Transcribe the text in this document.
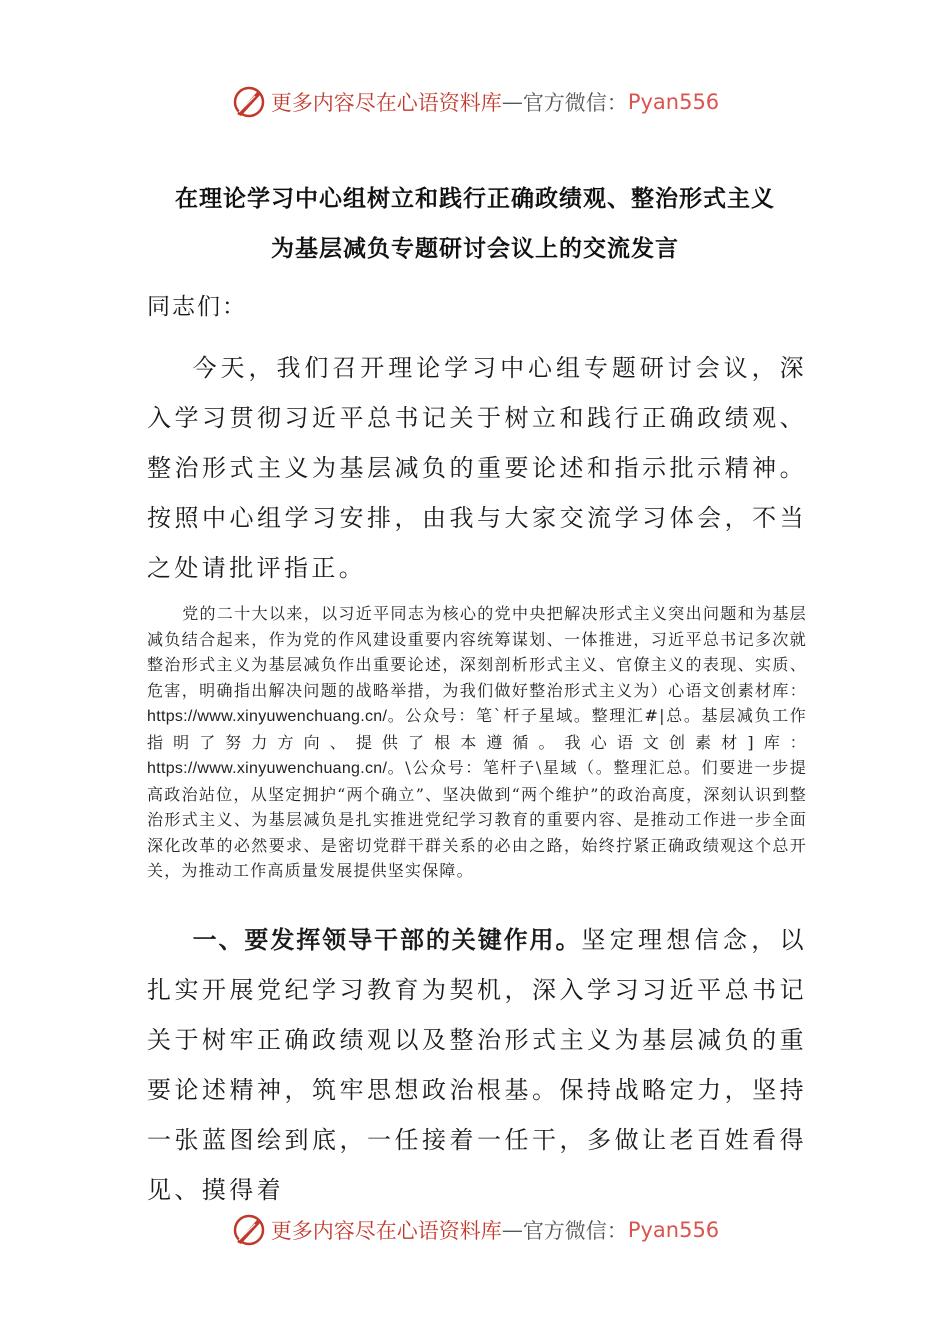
更多内容尽在心语资料库 — 官方微信： Pyan556
在理论学习中心组树立和践行正确政绩观、整治形式主义
为基层减负专题研讨会议上的交流发言
同志们：

今天，我们召开理论学习中心组专题研讨会议，深入学习贯彻习近平总书记关于树立和践行正确政绩观、整治形式主义为基层减负的重要论述和指示批示精神。按照中心组学习安排，由我与大家交流学习体会，不当之处请批评指正。

党的二十大以来，以习近平同志为核心的党中央把解决形式主义突出问题和为基层减负结合起来，作为党的作风建设重要内容统筹谋划、一体推进，习近平总书记多次就整治形式主义为基层减负作出重要论述，深刻剖析形式主义、官僚主义的表现、实质、危害，明确指出解决问题的战略举措，为我们做好整治形式主义为）心语文创素材库：https://www.xinyuwenchuang.cn/。公众号：笔`杆子星域。整理汇#|总。基层减负工作指明了努力方向、提供了根本遵循。我心语文创素材]库：https://www.xinyuwenchuang.cn/。\公众号：笔杆子\星域（。整理汇总。们要进一步提高政治站位，从坚定拥护“两个确立”、坚决做到“两个维护”的政治高度，深刻认识到整治形式主义、为基层减负是扎实推进党纪学习教育的重要内容、是推动工作进一步全面深化改革的必然要求、是密切党群干群关系的必由之路，始终拧紧正确政绩观这个总开关，为推动工作高质量发展提供坚实保障。

一、要发挥领导干部的关键作用。坚定理想信念，以扎实开展党纪学习教育为契机，深入学习习近平总书记关于树牢正确政绩观以及整治形式主义为基层减负的重要论述精神，筑牢思想政治根基。保持战略定力，坚持一张蓝图绘到底，一任接着一任干，多做让老百姓看得见、摸得着

更多内容尽在心语资料库 — 官方微信： Pyan556
